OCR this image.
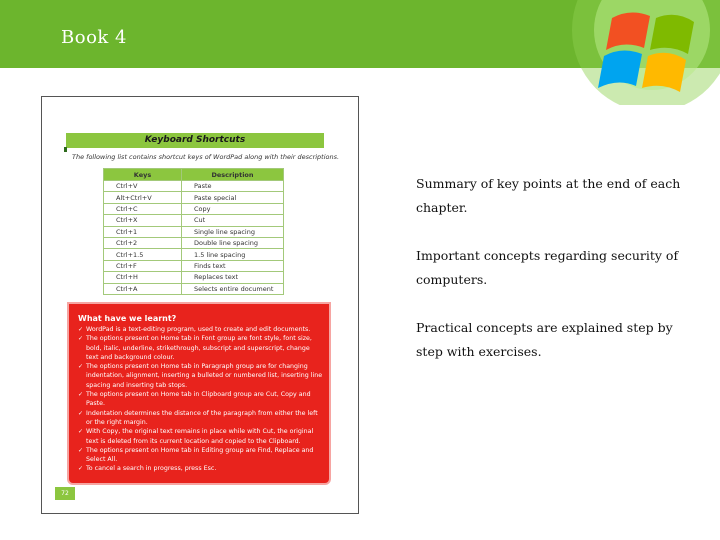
Book 4
Keyboard Shortcuts
The following list contains shortcut keys of WordPad along with their descriptions.
Keys	Description
Ctrl+V	Paste
Alt+Ctrl+V	Paste special
Ctrl+C	Copy
Ctrl+X	Cut
Ctrl+1	Single line spacing
Ctrl+2	Double line spacing
Ctrl+1.5	1.5 line spacing
Ctrl+F	Finds text
Ctrl+H	Replaces text
Ctrl+A	Selects entire document
What have we learnt?
✓ WordPad is a text-editing program, used to create and edit documents.
✓ The options present on Home tab in Font group are font style, font size, bold, italic, underline, strikethrough, subscript and superscript, change text and background colour.
✓ The options present on Home tab in Paragraph group are for changing indentation, alignment, inserting a bulleted or numbered list, inserting line spacing and inserting tab stops.
✓ The options present on Home tab in Clipboard group are Cut, Copy and Paste.
✓ Indentation determines the distance of the paragraph from either the left or the right margin.
✓ With Copy, the original text remains in place while with Cut, the original text is deleted from its current location and copied to the Clipboard.
✓ The options present on Home tab in Editing group are Find, Replace and Select All.
✓ To cancel a search in progress, press Esc.
72

Summary of key points at the end of each chapter.

Important concepts regarding security of computers.

Practical concepts are explained step by step with exercises.
